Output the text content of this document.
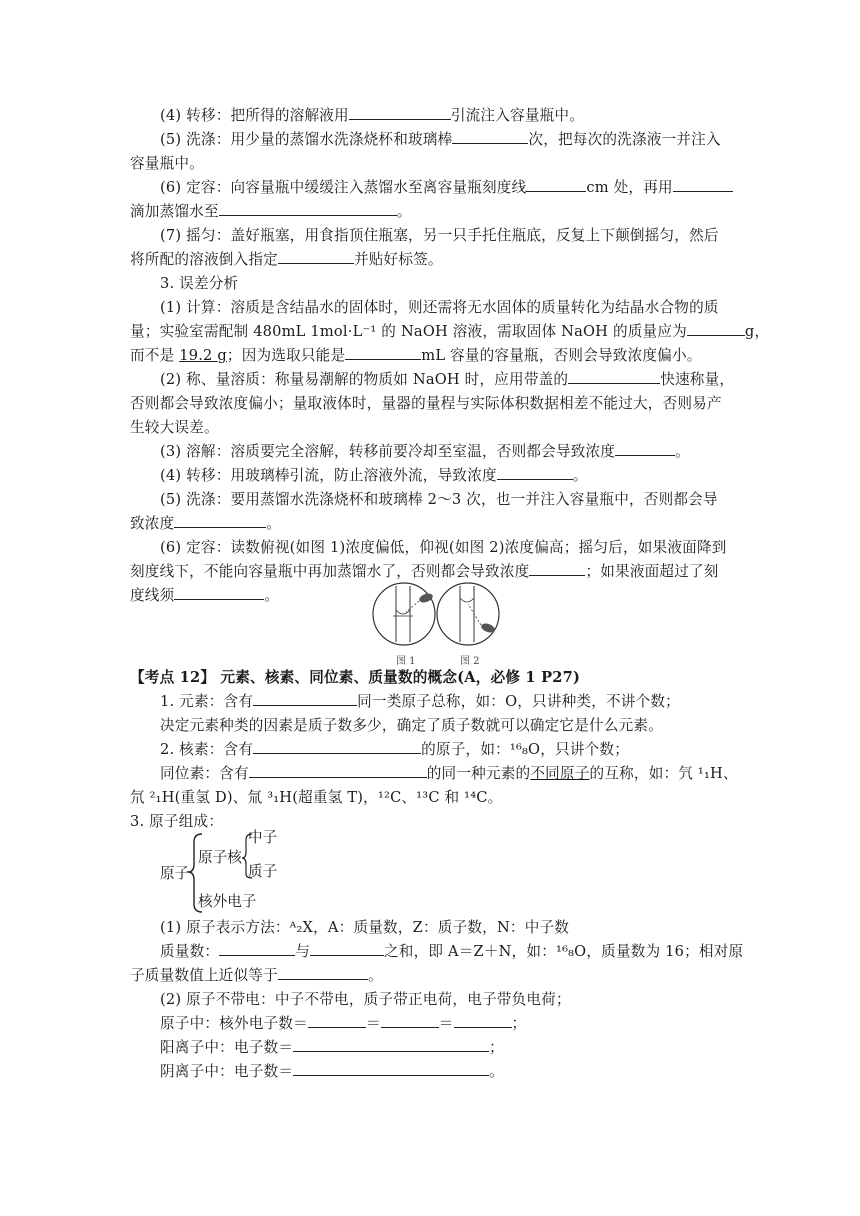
(4) 转移：把所得的溶解液用	引流注入容量瓶中。
(5) 洗涤：用少量的蒸馏水洗涤烧杯和玻璃棒	次，把每次的洗涤液一并注入
容量瓶中。
(6) 定容：向容量瓶中缓缓注入蒸馏水至离容量瓶刻度线	cm 处，再用
滴加蒸馏水至	。
(7) 摇匀：盖好瓶塞，用食指顶住瓶塞，另一只手托住瓶底，反复上下颠倒摇匀，然后
将所配的溶液倒入指定	并贴好标签。
3. 误差分析
(1) 计算：溶质是含结晶水的固体时，则还需将无水固体的质量转化为结晶水合物的质
量；实验室需配制 480mL 1mol·L⁻¹ 的 NaOH 溶液，需取固体 NaOH 的质量应为	g，
而不是 19.2 g；因为选取只能是	mL 容量的容量瓶，否则会导致浓度偏小。
(2) 称、量溶质：称量易潮解的物质如 NaOH 时，应用带盖的	快速称量，
否则都会导致浓度偏小；量取液体时，量器的量程与实际体积数据相差不能过大，否则易产
生较大误差。
(3) 溶解：溶质要完全溶解，转移前要冷却至室温，否则都会导致浓度	。
(4) 转移：用玻璃棒引流，防止溶液外流，导致浓度	。
(5) 洗涤：要用蒸馏水洗涤烧杯和玻璃棒 2～3 次，也一并注入容量瓶中，否则都会导
致浓度	。
(6) 定容：读数俯视(如图 1)浓度偏低，仰视(如图 2)浓度偏高；摇匀后，如果液面降到
刻度线下，不能向容量瓶中再加蒸馏水了，否则都会导致浓度	；如果液面超过了刻
度线须	。
图 1	图 2
【考点 12】 元素、核素、同位素、质量数的概念(A，必修 1 P27)
1. 元素：含有	同一类原子总称，如：O，只讲种类，不讲个数；
决定元素种类的因素是质子数多少，确定了质子数就可以确定它是什么元素。
2. 核素：含有	的原子，如：¹⁶₈O，只讲个数；
同位素：含有	的同一种元素的不同原子的互称，如：氕 ¹₁H、
氘 ²₁H(重氢 D)、氚 ³₁H(超重氢 T)，¹²C、¹³C 和 ¹⁴C。
3. 原子组成：
原子
原子核
中子
质子
核外电子
(1) 原子表示方法：ᴬ₂X，A：质量数，Z：质子数，N：中子数
质量数：	与	之和，即 A＝Z＋N，如：¹⁶₈O，质量数为 16；相对原
子质量数值上近似等于	。
(2) 原子不带电：中子不带电，质子带正电荷，电子带负电荷；
原子中：核外电子数＝	＝	＝	；
阳离子中：电子数＝	；
阴离子中：电子数＝	。
